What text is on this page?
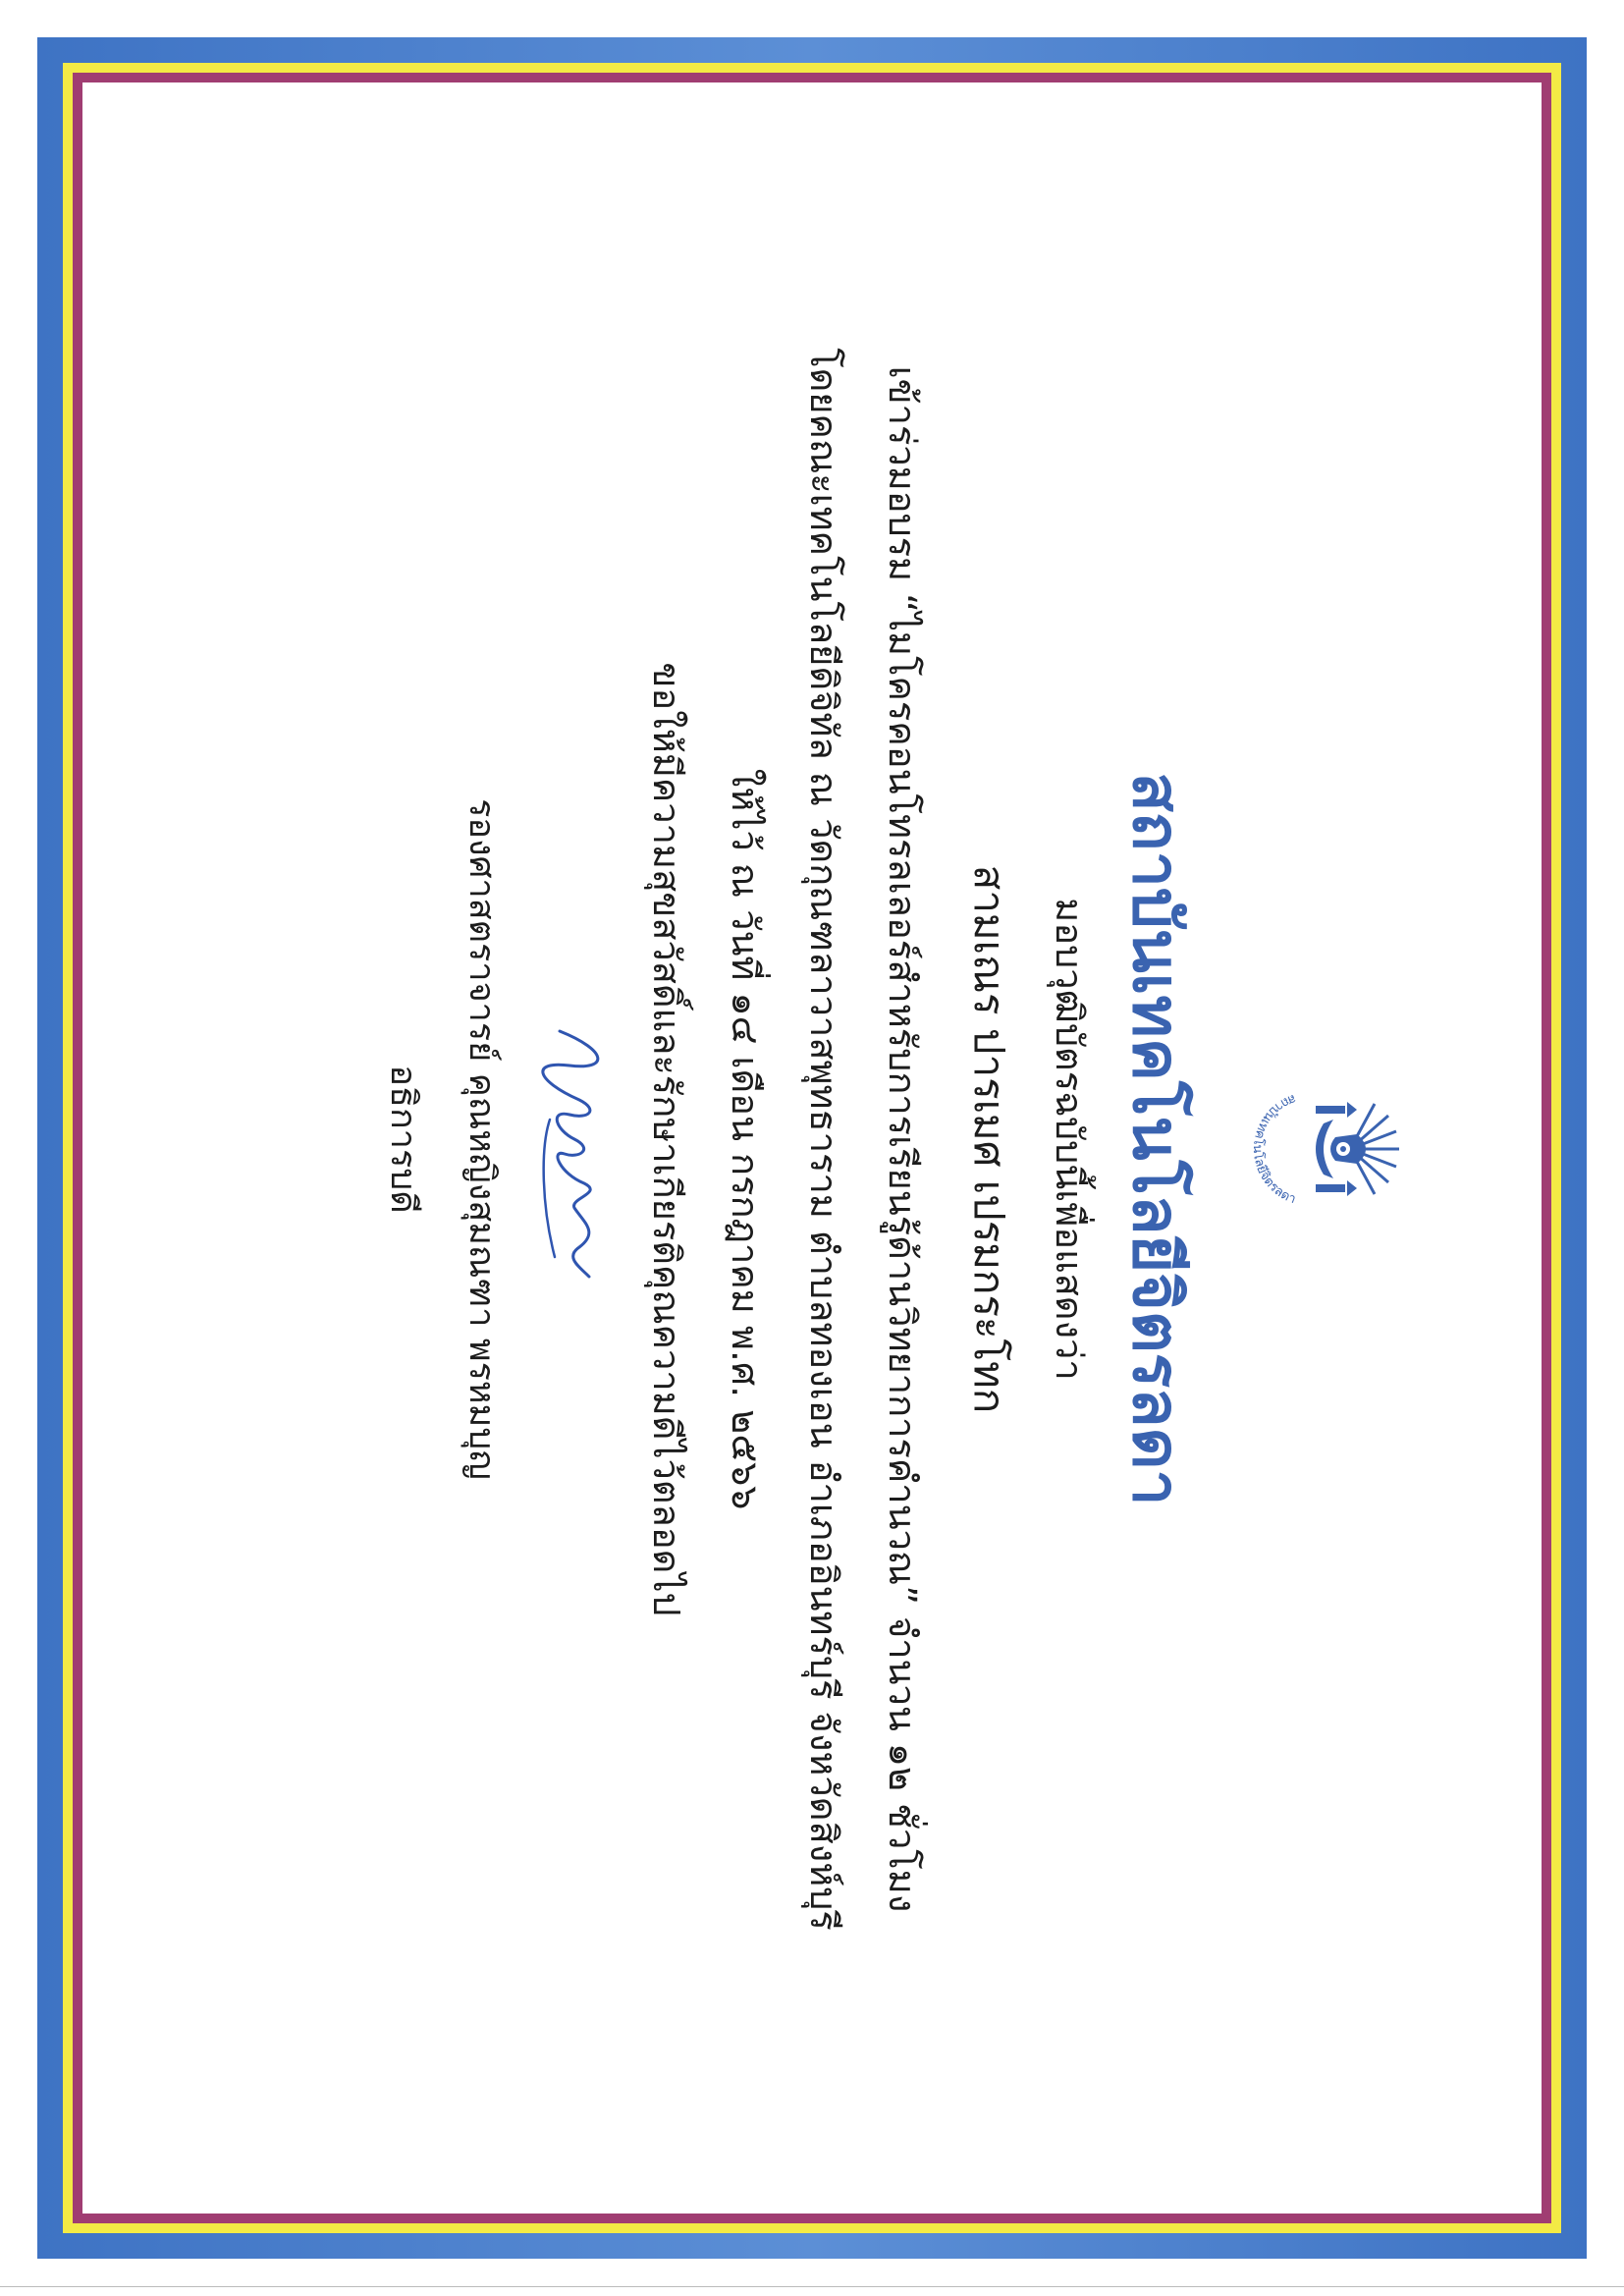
สถาบันเทคโนโลยีจิตรลดา
สถาบันเทคโนโลยีจิตรลดา
มอบวุฒิบัตรฉบับนี้เพื่อแสดงว่า
สามเณร ปารเมศ เปรมกระโทก
เข้าร่วมอบรม “ไมโครคอนโทรลเลอร์สำหรับการเรียนรู้ด้านวิทยาการคำนวณ” จำนวน ๑๒ ชั่วโมง
โดยคณะเทคโนโลยีดิจิทัล ณ วัดกุณฑลาวาสพุทธาราม ตำบลทองเอน อำเภออินทร์บุรี จังหวัดสิงห์บุรี
ให้ไว้ ณ วันที่ ๑๔ เดือน กรกฎาคม พ.ศ. ๒๕๖๖
ขอให้มีความสุขสวัสดิ์และรักษาเกียรติคุณความดีไว้ตลอดไป
รองศาสตราจารย์ คุณหญิงสุมณฑา พรหมบุญ
อธิการบดี
